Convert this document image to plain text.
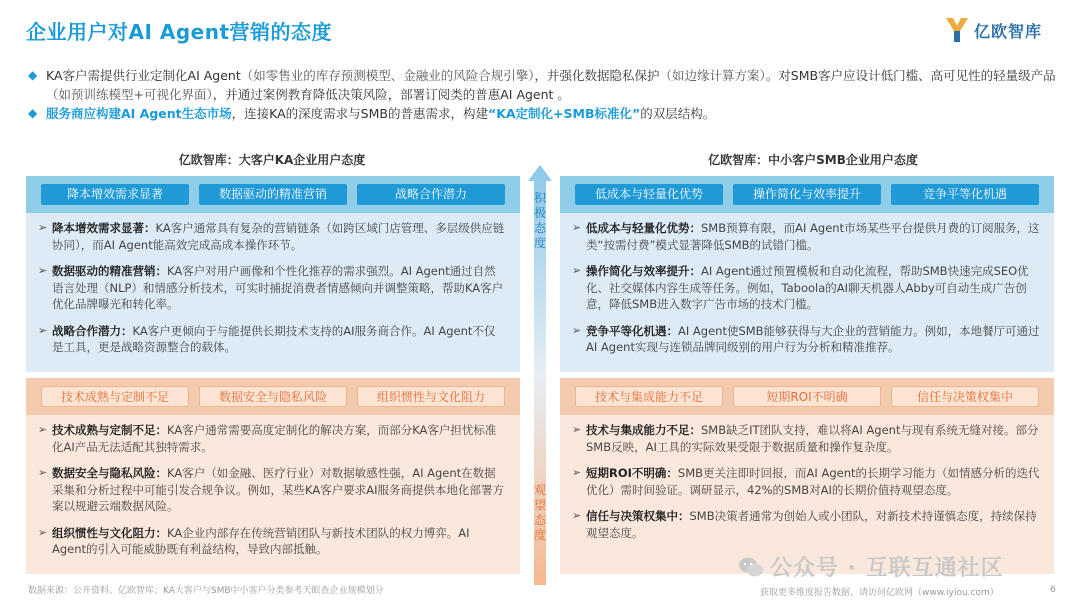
企业用户对AI Agent营销的态度	亿欧智库
◆ KA客户需提供行业定制化AI Agent（如零售业的库存预测模型、金融业的风险合规引擎），并强化数据隐私保护（如边缘计算方案）。对SMB客户应设计低门槛、高可见性的轻量级产品（如预训练模型+可视化界面），并通过案例教育降低决策风险，部署订阅类的普惠AI Agent 。
◆ 服务商应构建AI Agent生态市场，连接KA的深度需求与SMB的普惠需求，构建“KA定制化+SMB标准化”的双层结构。
亿欧智库：大客户KA企业用户态度	亿欧智库：中小客户SMB企业用户态度
降本增效需求显著	数据驱动的精准营销	战略合作潜力
➢ 降本增效需求显著：KA客户通常具有复杂的营销链条（如跨区域门店管理、多层级供应链协同），而AI Agent能高效完成高成本操作环节。
➢ 数据驱动的精准营销：KA客户对用户画像和个性化推荐的需求强烈。AI Agent通过自然语言处理（NLP）和情感分析技术，可实时捕捉消费者情感倾向并调整策略，帮助KA客户优化品牌曝光和转化率。
➢ 战略合作潜力：KA客户更倾向于与能提供长期技术支持的AI服务商合作。AI Agent不仅是工具，更是战略资源整合的载体。
技术成熟与定制不足	数据安全与隐私风险	组织惯性与文化阻力
➢ 技术成熟与定制不足：KA客户通常需要高度定制化的解决方案，而部分KA客户担忧标准化AI产品无法适配其独特需求。
➢ 数据安全与隐私风险：KA客户（如金融、医疗行业）对数据敏感性强，AI Agent在数据采集和分析过程中可能引发合规争议。例如，某些KA客户要求AI服务商提供本地化部署方案以规避云端数据风险。
➢ 组织惯性与文化阻力：KA企业内部存在传统营销团队与新技术团队的权力博弈。AI Agent的引入可能威胁既有利益结构，导致内部抵触。
低成本与轻量化优势	操作简化与效率提升	竞争平等化机遇
➢ 低成本与轻量化优势：SMB预算有限，而AI Agent市场某些平台提供月费的订阅服务，这类“按需付费”模式显著降低SMB的试错门槛。
➢ 操作简化与效率提升：AI Agent通过预置模板和自动化流程，帮助SMB快速完成SEO优化、社交媒体内容生成等任务。例如，Taboola的AI聊天机器人Abby可自动生成广告创意，降低SMB进入数字广告市场的技术门槛。
➢ 竞争平等化机遇：AI Agent使SMB能够获得与大企业的营销能力。例如，本地餐厅可通过AI Agent实现与连锁品牌同级别的用户行为分析和精准推荐。
技术与集成能力不足	短期ROI不明确	信任与决策权集中
➢ 技术与集成能力不足：SMB缺乏IT团队支持，难以将AI Agent与现有系统无缝对接。部分SMB反映，AI工具的实际效果受限于数据质量和操作复杂度。
➢ 短期ROI不明确：SMB更关注即时回报，而AI Agent的长期学习能力（如情感分析的迭代优化）需时间验证。调研显示，42%的SMB对AI的长期价值持观望态度。
➢ 信任与决策权集中：SMB决策者通常为创始人或小团队，对新技术持谨慎态度，持续保持观望态度。
积
极
态
度
观
望
态
度
数据来源：公开资料、亿欧智库；KA大客户与SMB中小客户分类参考天眼查企业规模划分
公众号 · 互联互通社区
获取更多维度报告数据，请访问亿欧网（www.iyiou.com）	6
